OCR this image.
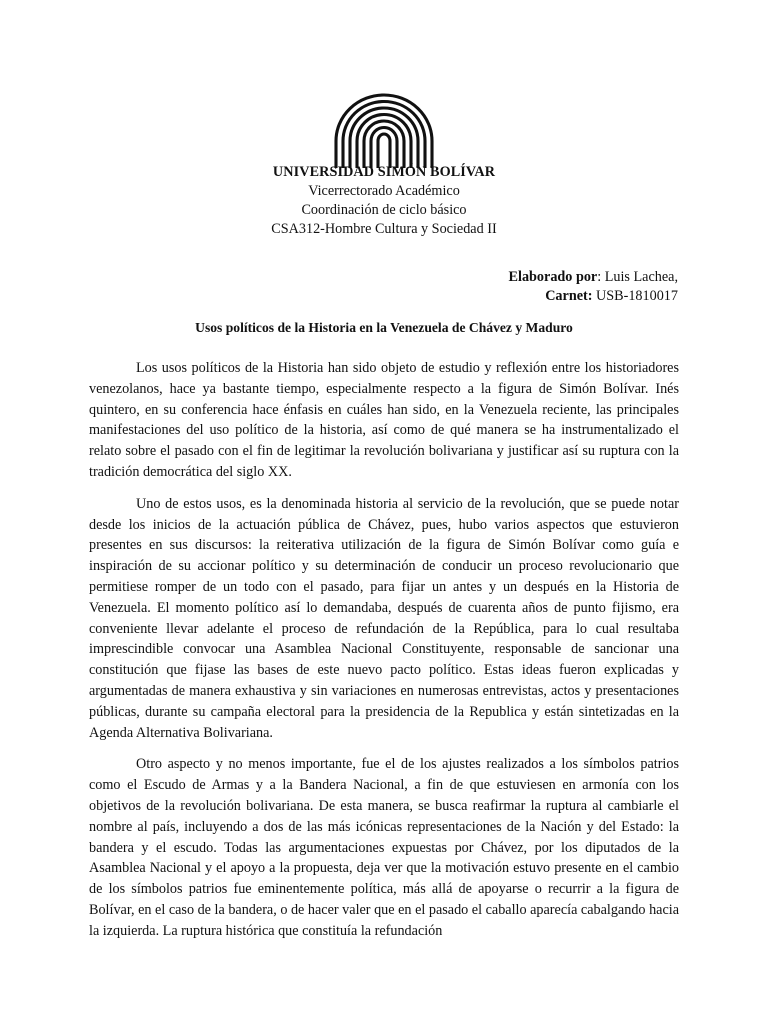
UNIVERSIDAD SIMÓN BOLÍVAR
Vicerrectorado Académico
Coordinación de ciclo básico
CSA312-Hombre Cultura y Sociedad II
Elaborado por: Luis Lachea,
Carnet: USB-1810017
Usos políticos de la Historia en la Venezuela de Chávez y Maduro

Los usos políticos de la Historia han sido objeto de estudio y reflexión entre los historiadores venezolanos, hace ya bastante tiempo, especialmente respecto a la figura de Simón Bolívar. Inés quintero, en su conferencia hace énfasis en cuáles han sido, en la Venezuela reciente, las principales manifestaciones del uso político de la historia, así como de qué manera se ha instrumentalizado el relato sobre el pasado con el fin de legitimar la revolución bolivariana y justificar así su ruptura con la tradición democrática del siglo XX.

Uno de estos usos, es la denominada historia al servicio de la revolución, que se puede notar desde los inicios de la actuación pública de Chávez, pues, hubo varios aspectos que estuvieron presentes en sus discursos: la reiterativa utilización de la figura de Simón Bolívar como guía e inspiración de su accionar político y su determinación de conducir un proceso revolucionario que permitiese romper de un todo con el pasado, para fijar un antes y un después en la Historia de Venezuela. El momento político así lo demandaba, después de cuarenta años de punto fijismo, era conveniente llevar adelante el proceso de refundación de la República, para lo cual resultaba imprescindible convocar una Asamblea Nacional Constituyente, responsable de sancionar una constitución que fijase las bases de este nuevo pacto político. Estas ideas fueron explicadas y argumentadas de manera exhaustiva y sin variaciones en numerosas entrevistas, actos y presentaciones públicas, durante su campaña electoral para la presidencia de la Republica y están sintetizadas en la Agenda Alternativa Bolivariana.

Otro aspecto y no menos importante, fue el de los ajustes realizados a los símbolos patrios como el Escudo de Armas y a la Bandera Nacional, a fin de que estuviesen en armonía con los objetivos de la revolución bolivariana. De esta manera, se busca reafirmar la ruptura al cambiarle el nombre al país, incluyendo a dos de las más icónicas representaciones de la Nación y del Estado: la bandera y el escudo. Todas las argumentaciones expuestas por Chávez, por los diputados de la Asamblea Nacional y el apoyo a la propuesta, deja ver que la motivación estuvo presente en el cambio de los símbolos patrios fue eminentemente política, más allá de apoyarse o recurrir a la figura de Bolívar, en el caso de la bandera, o de hacer valer que en el pasado el caballo aparecía cabalgando hacia la izquierda. La ruptura histórica que constituía la refundación
